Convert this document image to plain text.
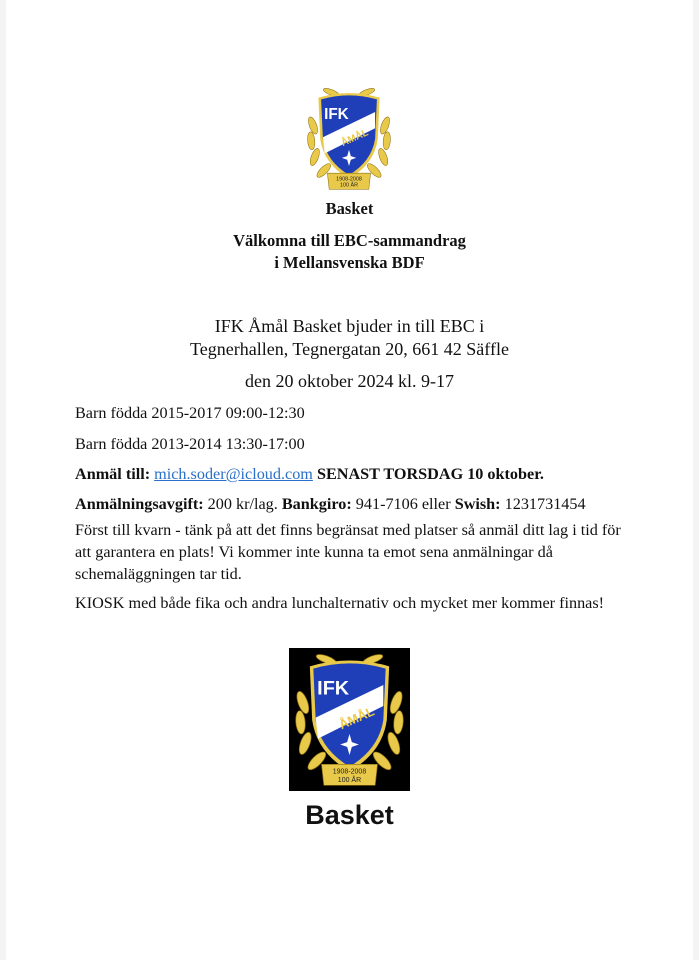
Basket
Välkomna till EBC-sammandrag
i Mellansvenska BDF
IFK Åmål Basket bjuder in till EBC i
Tegnerhallen, Tegnergatan 20, 661 42 Säffle
den 20 oktober 2024 kl. 9-17
Barn födda 2015-2017 09:00-12:30
Barn födda 2013-2014 13:30-17:00
Anmäl till: mich.soder@icloud.com SENAST TORSDAG 10 oktober.
Anmälningsavgift: 200 kr/lag. Bankgiro: 941-7106 eller Swish: 1231731454
Först till kvarn - tänk på att det finns begränsat med platser så anmäl ditt lag i tid för att garantera en plats! Vi kommer inte kunna ta emot sena anmälningar då schemaläggningen tar tid.
KIOSK med både fika och andra lunchalternativ och mycket mer kommer finnas!
Basket
